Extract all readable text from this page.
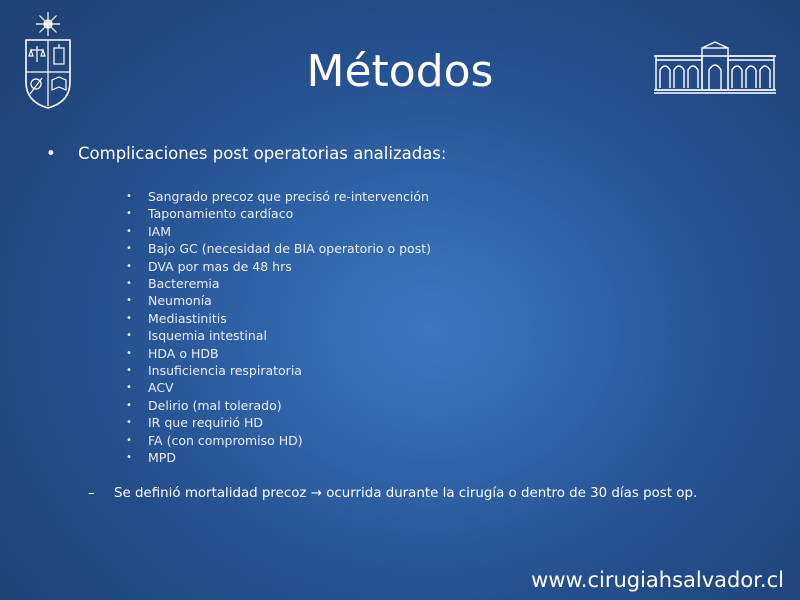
Métodos
•	Complicaciones post operatorias analizadas:
•	Sangrado precoz que precisó re-intervención
•	Taponamiento cardíaco
•	IAM
•	Bajo GC (necesidad de BIA operatorio o post)
•	DVA por mas de 48 hrs
•	Bacteremia
•	Neumonía
•	Mediastinitis
•	Isquemia intestinal
•	HDA o HDB
•	Insuficiencia respiratoria
•	ACV
•	Delirio (mal tolerado)
•	IR que requirió HD
•	FA (con compromiso HD)
•	MPD
–	Se definió mortalidad precoz → ocurrida durante la cirugía o dentro de 30 días post op.
www.cirugiahsalvador.cl
